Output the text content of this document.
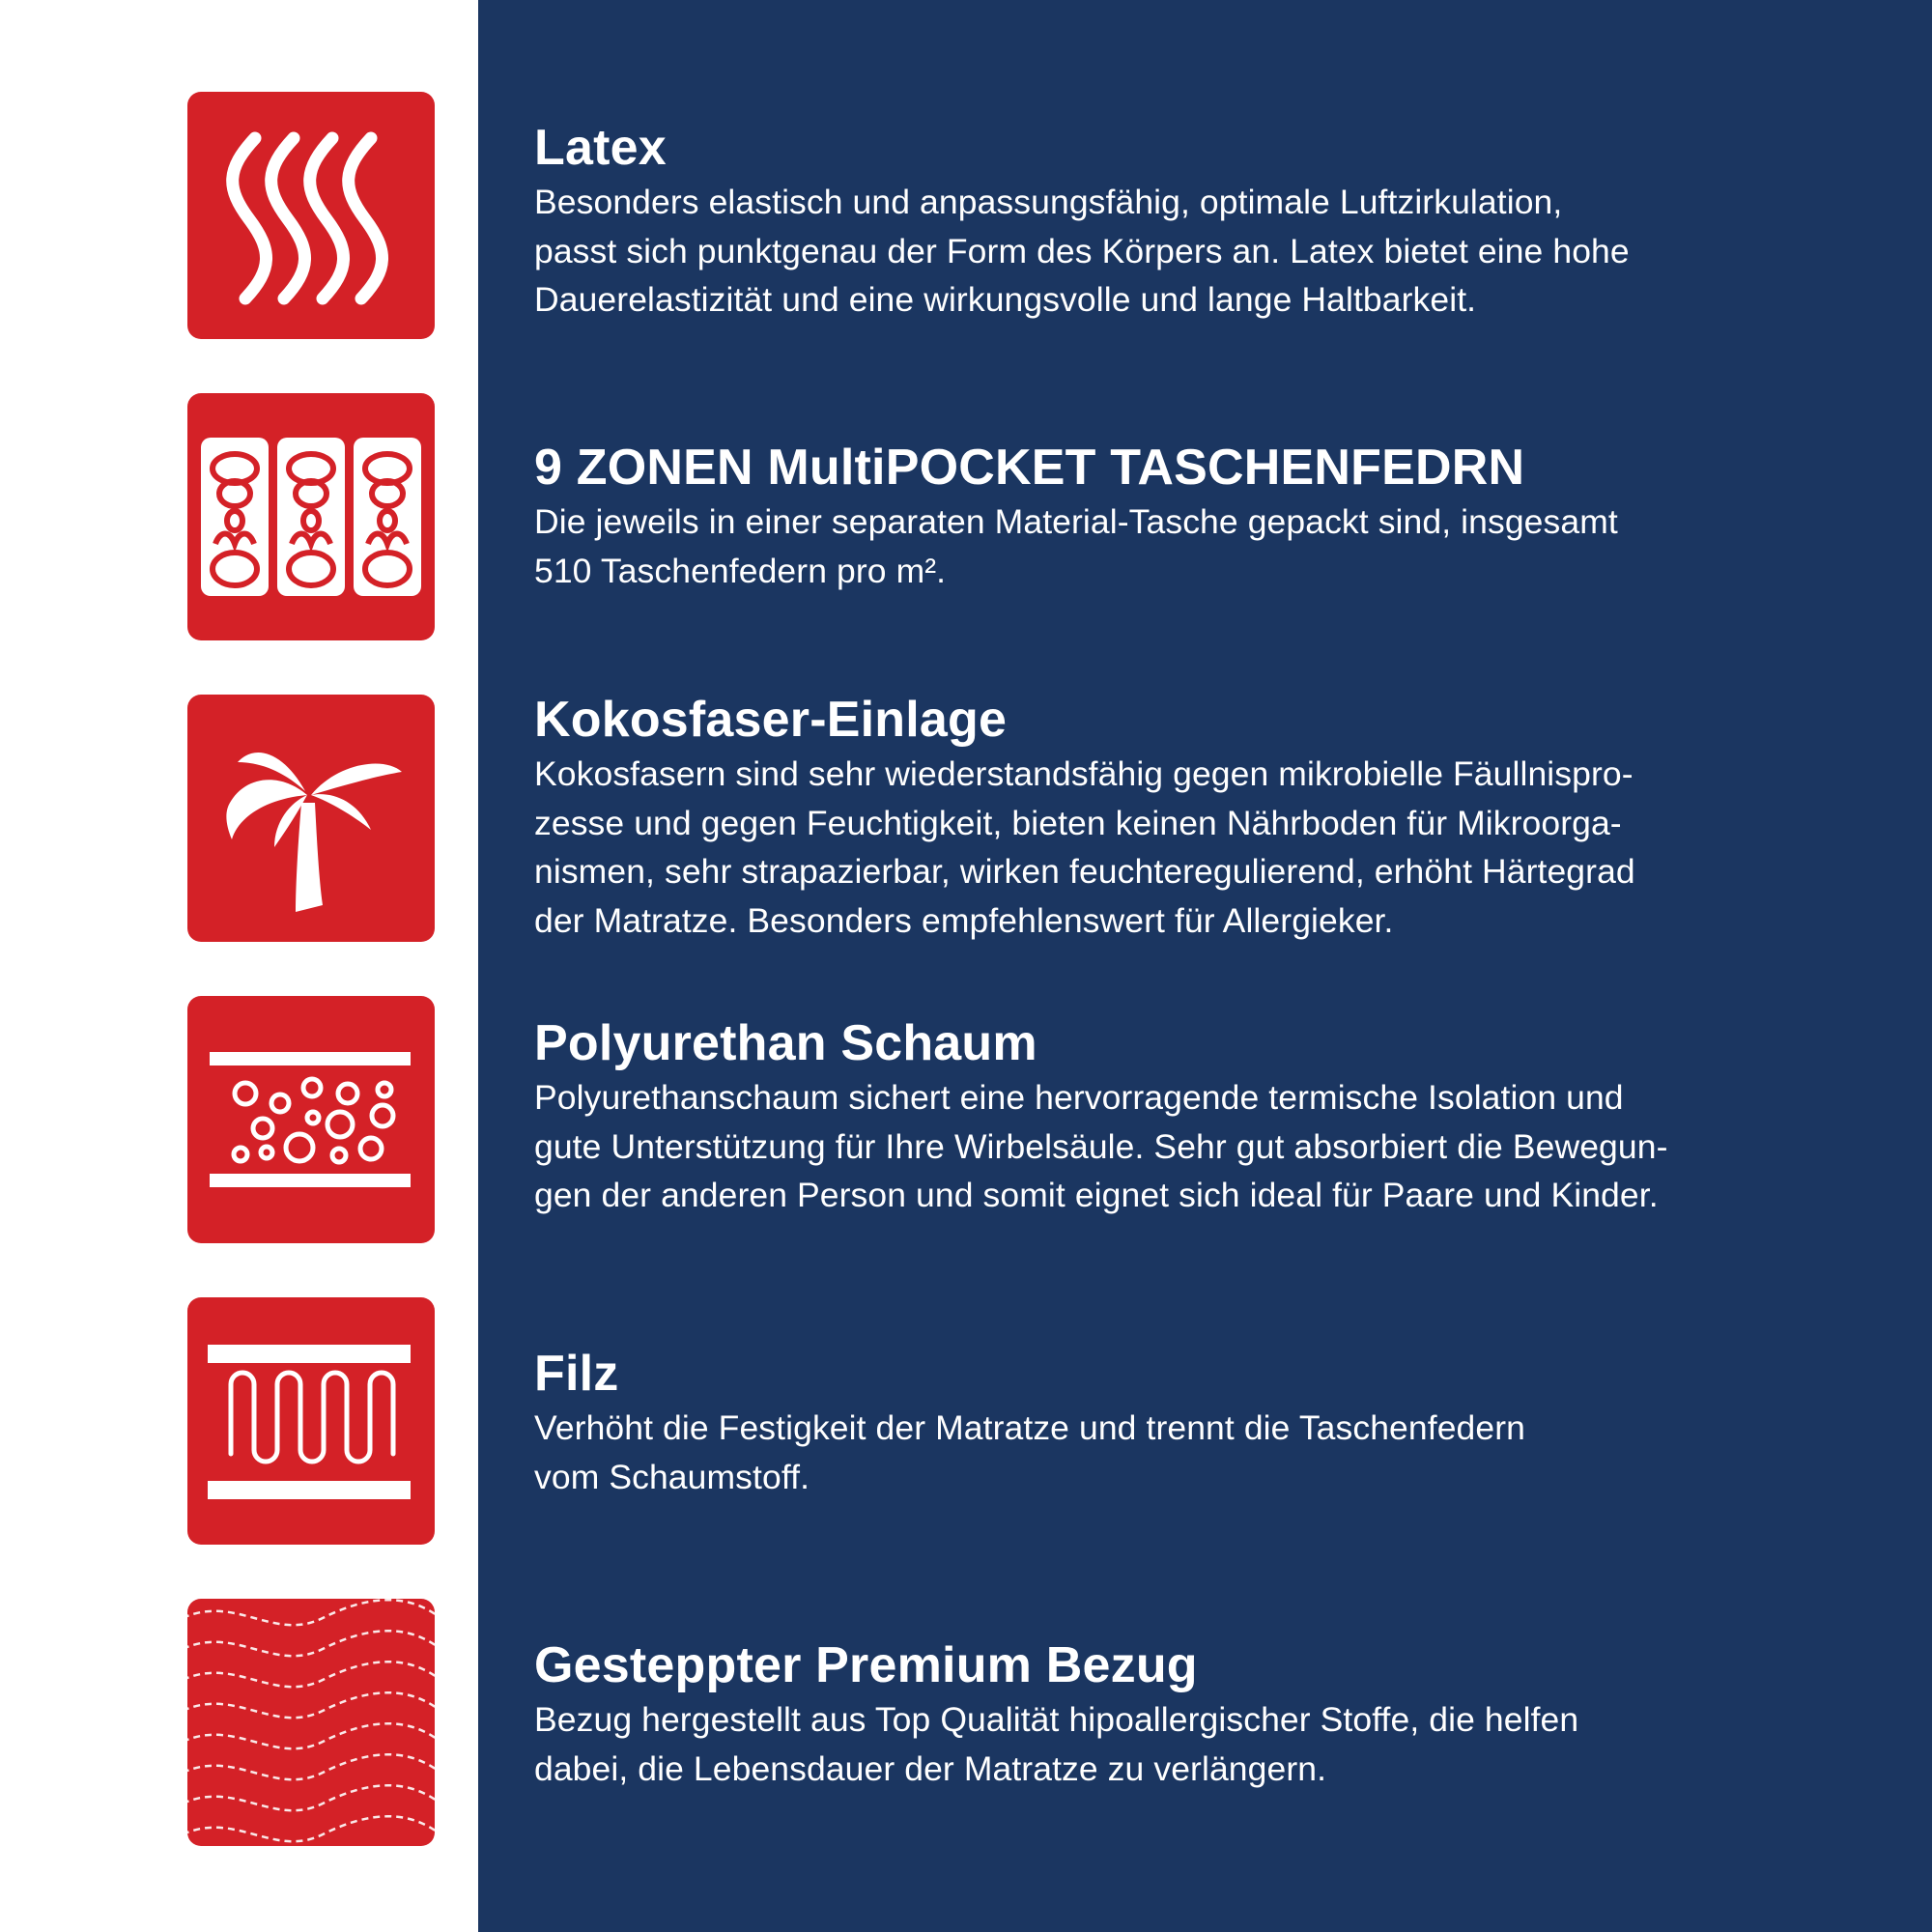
Latex

Besonders elastisch und anpassungsfähig, optimale Luftzirkulation,
passt sich punktgenau der Form des Körpers an. Latex bietet eine hohe
Dauerelastizität und eine wirkungsvolle und lange Haltbarkeit.

9 ZONEN MultiPOCKET TASCHENFEDRN

Die jeweils in einer separaten Material-Tasche gepackt sind, insgesamt
510 Taschenfedern pro m².

Kokosfaser-Einlage

Kokosfasern sind sehr wiederstandsfähig gegen mikrobielle Fäullnispro-
zesse und gegen Feuchtigkeit, bieten keinen Nährboden für Mikroorga-
nismen, sehr strapazierbar, wirken feuchteregulierend, erhöht Härtegrad
der Matratze. Besonders empfehlenswert für Allergieker.

Polyurethan Schaum

Polyurethanschaum sichert eine hervorragende termische Isolation und
gute Unterstützung für Ihre Wirbelsäule. Sehr gut absorbiert die Bewegun-
gen der anderen Person und somit eignet sich ideal für Paare und Kinder.

Filz

Verhöht die Festigkeit der Matratze und trennt die Taschenfedern
vom Schaumstoff.

Gesteppter Premium Bezug

Bezug hergestellt aus Top Qualität hipoallergischer Stoffe, die helfen
dabei, die Lebensdauer der Matratze zu verlängern.
